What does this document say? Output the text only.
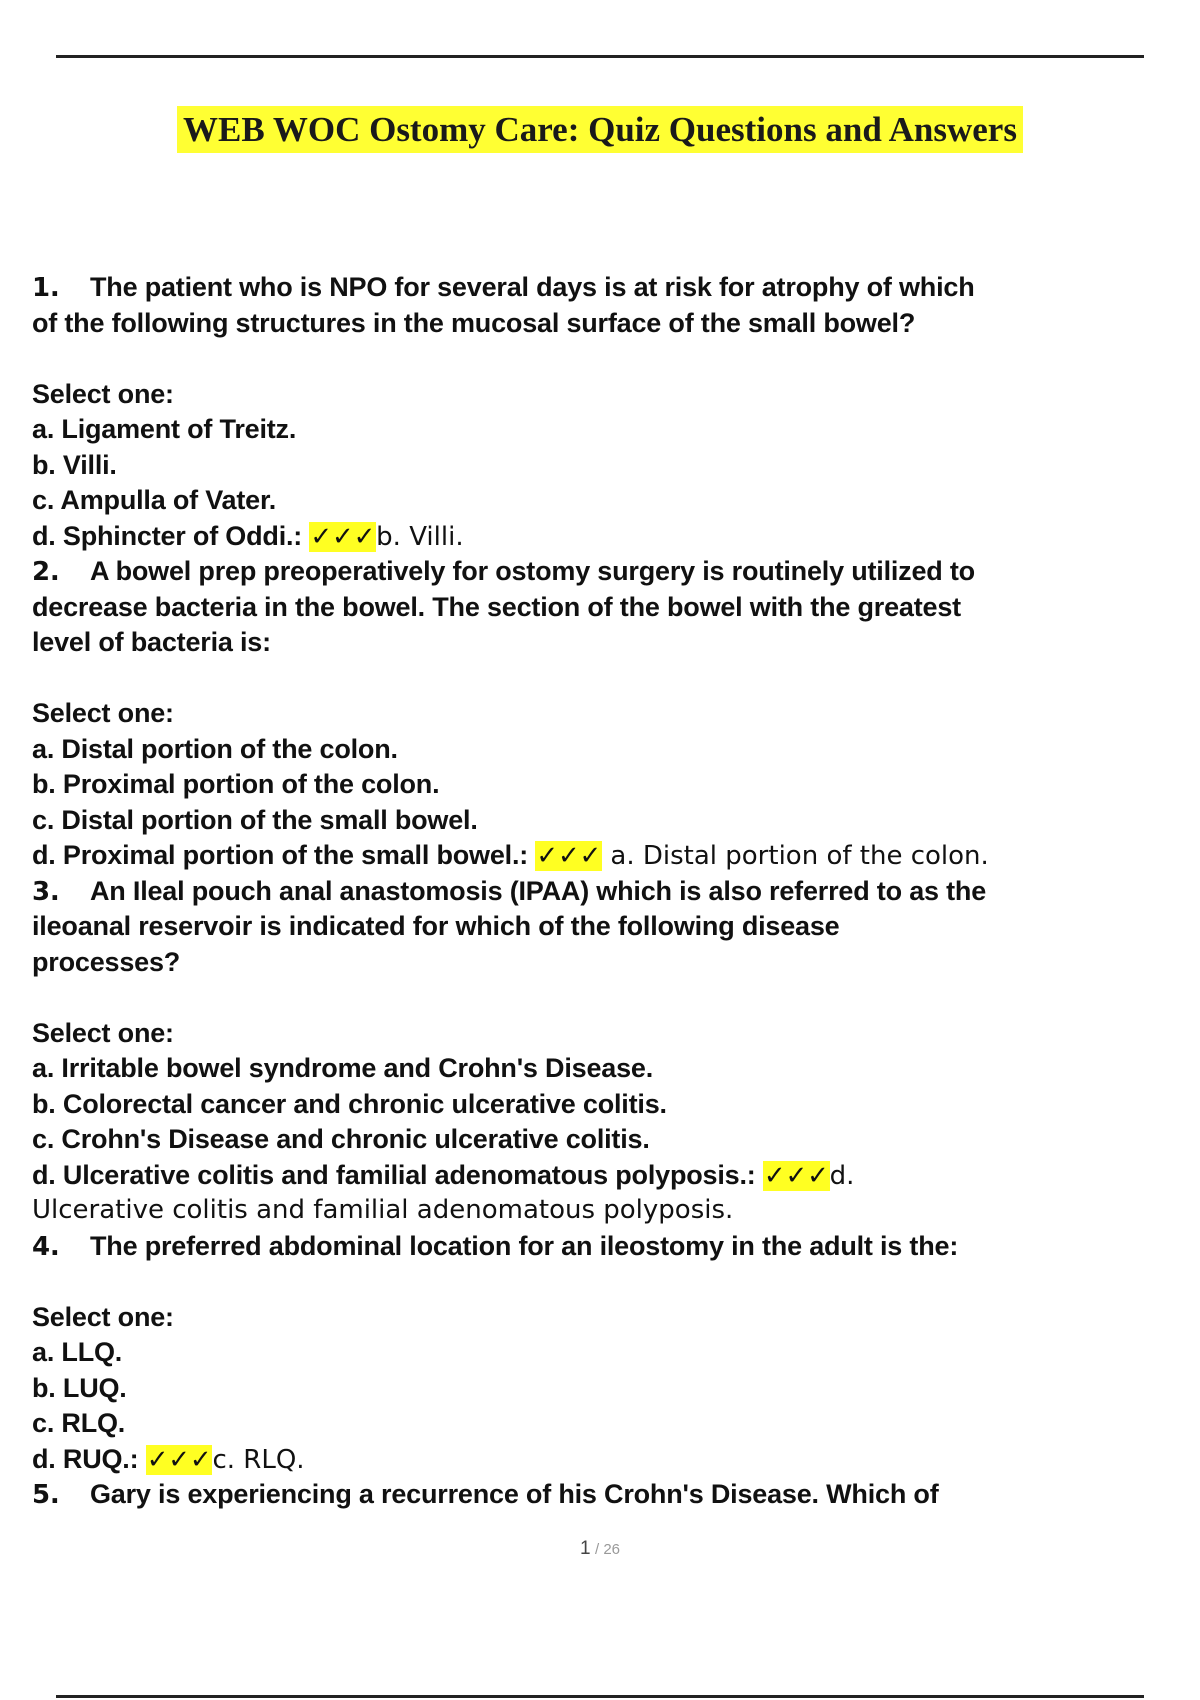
WEB WOC Ostomy Care: Quiz Questions and Answers
1. The patient who is NPO for several days is at risk for atrophy of which
of the following structures in the mucosal surface of the small bowel?
Select one:
a. Ligament of Treitz.
b. Villi.
c. Ampulla of Vater.
d. Sphincter of Oddi.: ✓✓✓b. Villi.
2. A bowel prep preoperatively for ostomy surgery is routinely utilized to
decrease bacteria in the bowel. The section of the bowel with the greatest
level of bacteria is:
Select one:
a. Distal portion of the colon.
b. Proximal portion of the colon.
c. Distal portion of the small bowel.
d. Proximal portion of the small bowel.: ✓✓✓ a. Distal portion of the colon.
3. An Ileal pouch anal anastomosis (IPAA) which is also referred to as the
ileoanal reservoir is indicated for which of the following disease
processes?
Select one:
a. Irritable bowel syndrome and Crohn's Disease.
b. Colorectal cancer and chronic ulcerative colitis.
c. Crohn's Disease and chronic ulcerative colitis.
d. Ulcerative colitis and familial adenomatous polyposis.: ✓✓✓d.
Ulcerative colitis and familial adenomatous polyposis.
4. The preferred abdominal location for an ileostomy in the adult is the:
Select one:
a. LLQ.
b. LUQ.
c. RLQ.
d. RUQ.: ✓✓✓c. RLQ.
5. Gary is experiencing a recurrence of his Crohn's Disease. Which of
1 / 26
